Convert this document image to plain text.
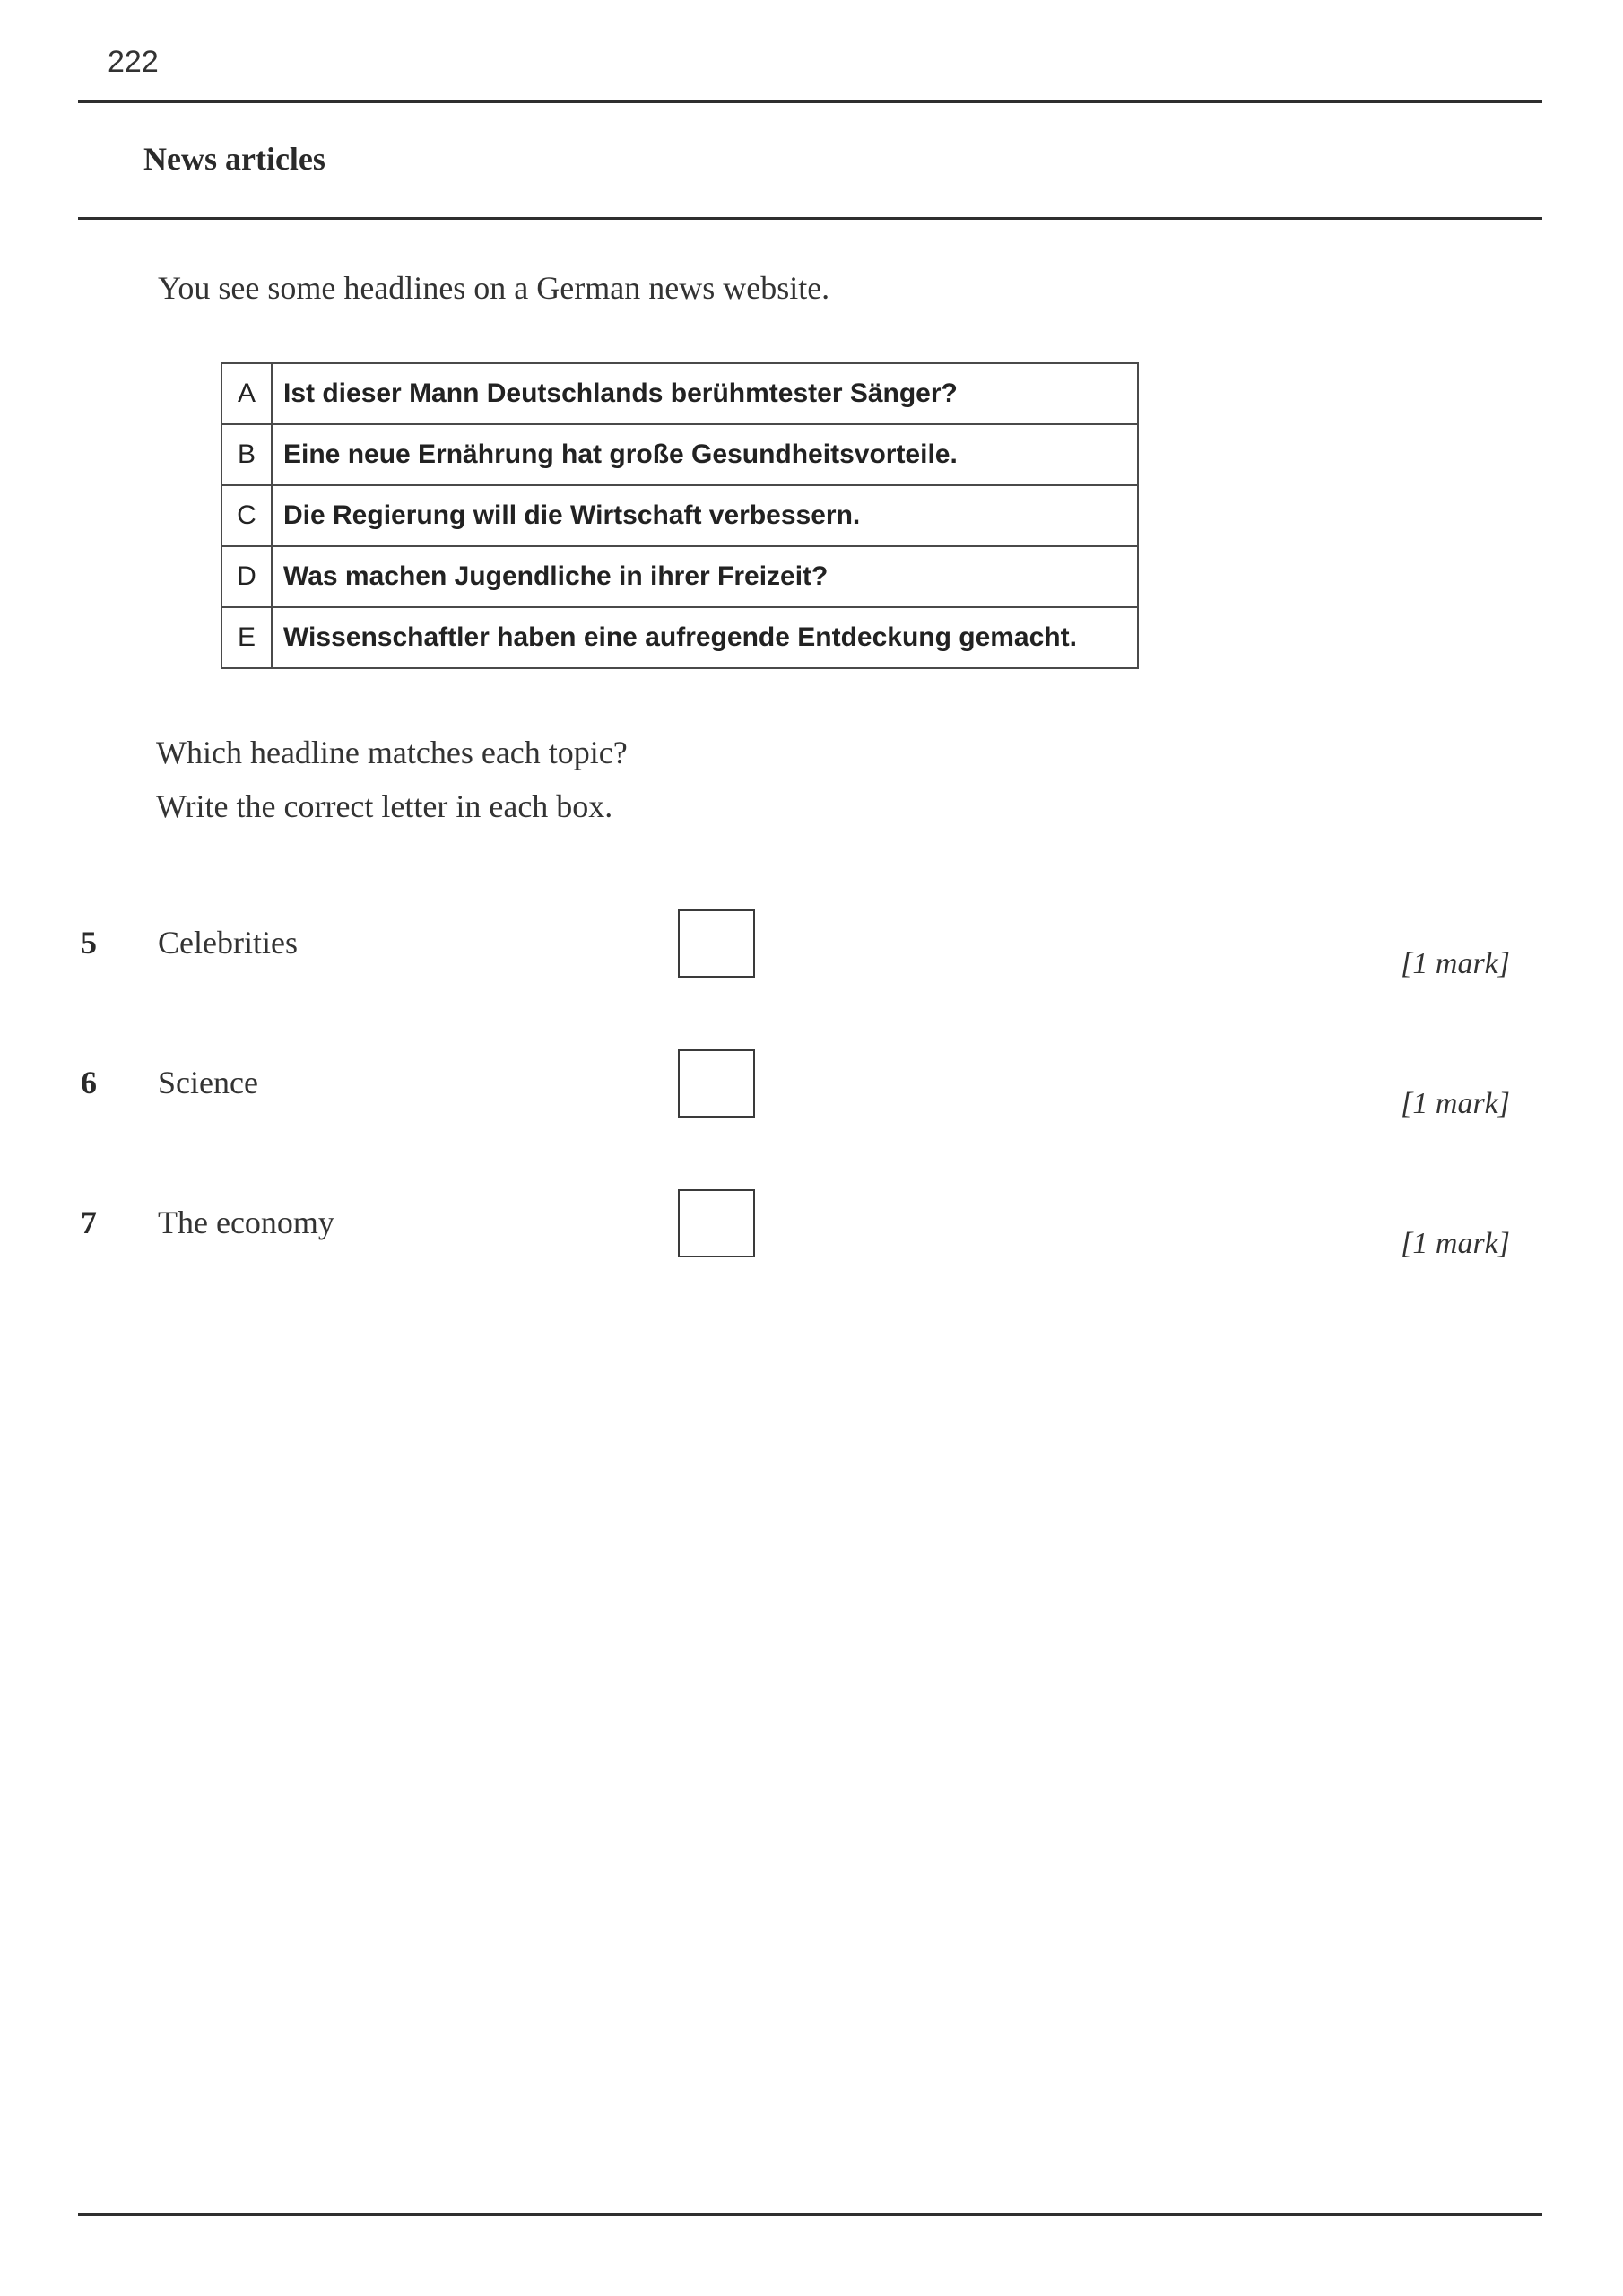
222
News articles
You see some headlines on a German news website.
A	Ist dieser Mann Deutschlands berühmtester Sänger?
B	Eine neue Ernährung hat große Gesundheitsvorteile.
C	Die Regierung will die Wirtschaft verbessern.
D	Was machen Jugendliche in ihrer Freizeit?
E	Wissenschaftler haben eine aufregende Entdeckung gemacht.
Which headline matches each topic?
Write the correct letter in each box.
5 Celebrities
[1 mark]
6 Science
[1 mark]
7 The economy
[1 mark]
